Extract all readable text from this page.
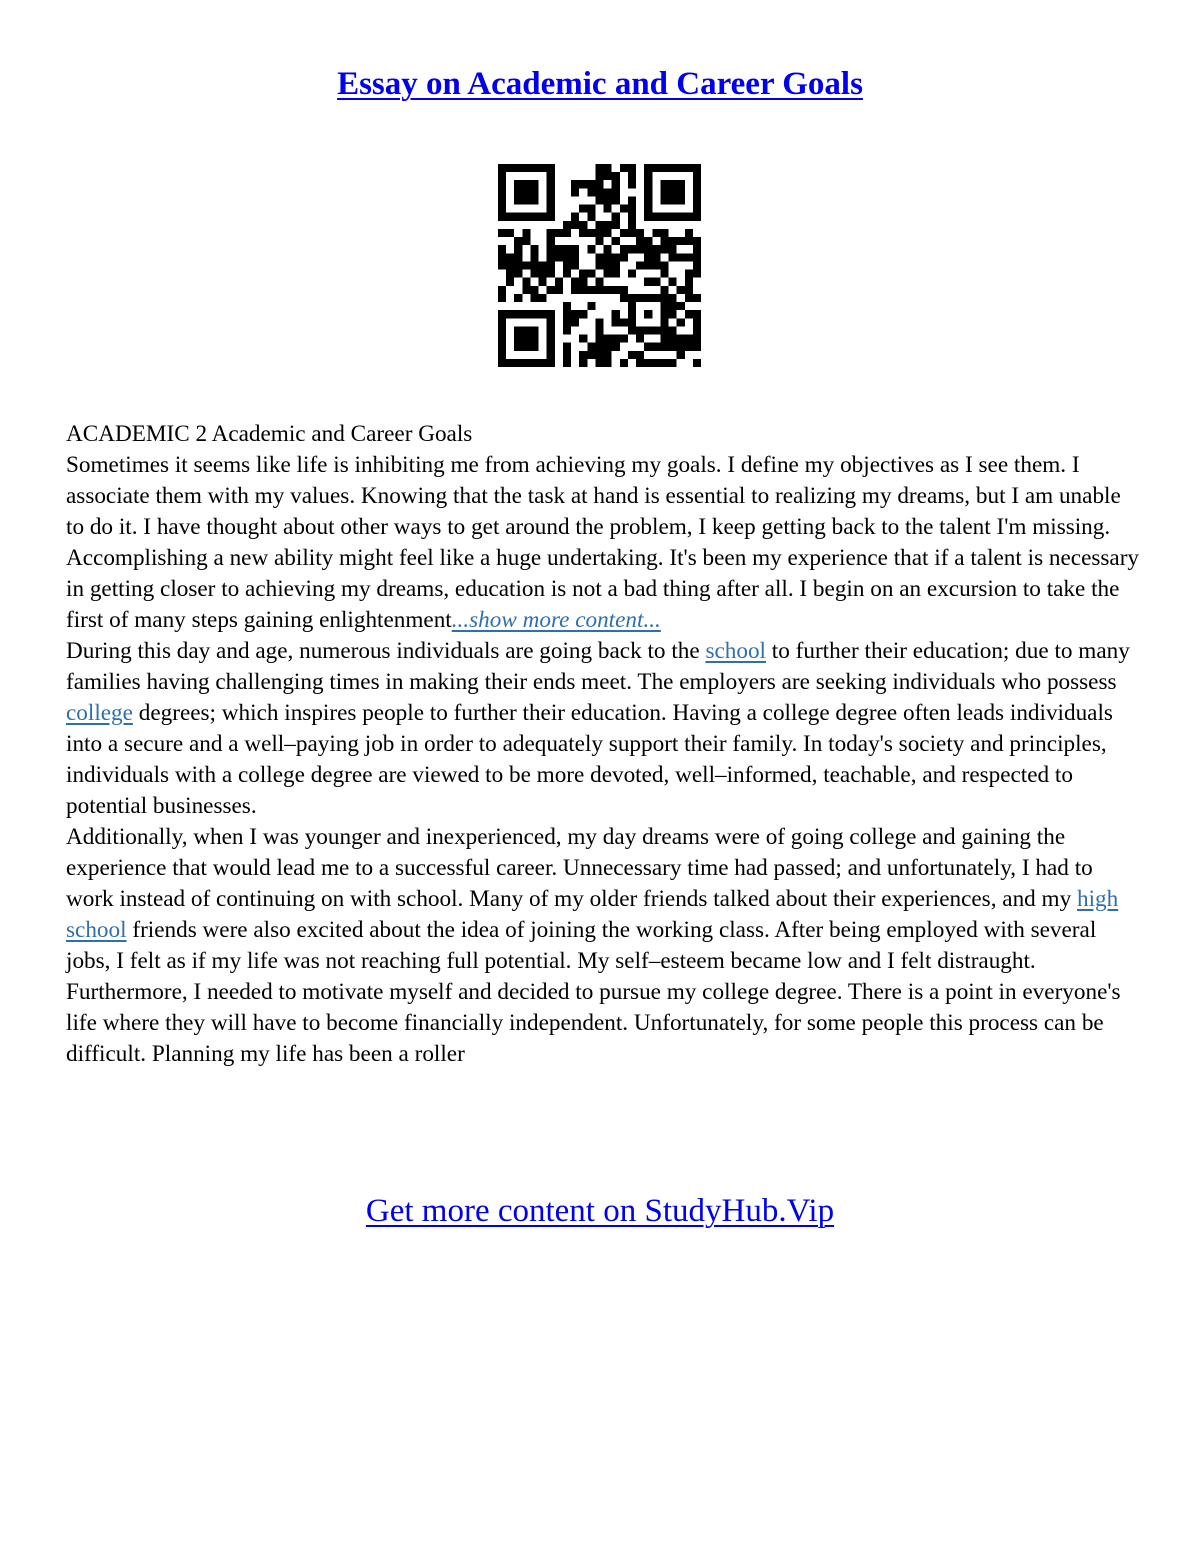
Essay on Academic and Career Goals

ACADEMIC 2 Academic and Career Goals

Sometimes it seems like life is inhibiting me from achieving my goals. I define my objectives as I see them. I associate them with my values. Knowing that the task at hand is essential to realizing my dreams, but I am unable to do it. I have thought about other ways to get around the problem, I keep getting back to the talent I'm missing. Accomplishing a new ability might feel like a huge undertaking. It's been my experience that if a talent is necessary in getting closer to achieving my dreams, education is not a bad thing after all. I begin on an excursion to take the first of many steps gaining enlightenment...show more content...

During this day and age, numerous individuals are going back to the school to further their education; due to many families having challenging times in making their ends meet. The employers are seeking individuals who possess college degrees; which inspires people to further their education. Having a college degree often leads individuals into a secure and a well–paying job in order to adequately support their family. In today's society and principles, individuals with a college degree are viewed to be more devoted, well–informed, teachable, and respected to potential businesses.

Additionally, when I was younger and inexperienced, my day dreams were of going college and gaining the experience that would lead me to a successful career. Unnecessary time had passed; and unfortunately, I had to work instead of continuing on with school. Many of my older friends talked about their experiences, and my high school friends were also excited about the idea of joining the working class. After being employed with several jobs, I felt as if my life was not reaching full potential. My self–esteem became low and I felt distraught. Furthermore, I needed to motivate myself and decided to pursue my college degree. There is a point in everyone's life where they will have to become financially independent. Unfortunately, for some people this process can be difficult. Planning my life has been a roller

Get more content on StudyHub.Vip
